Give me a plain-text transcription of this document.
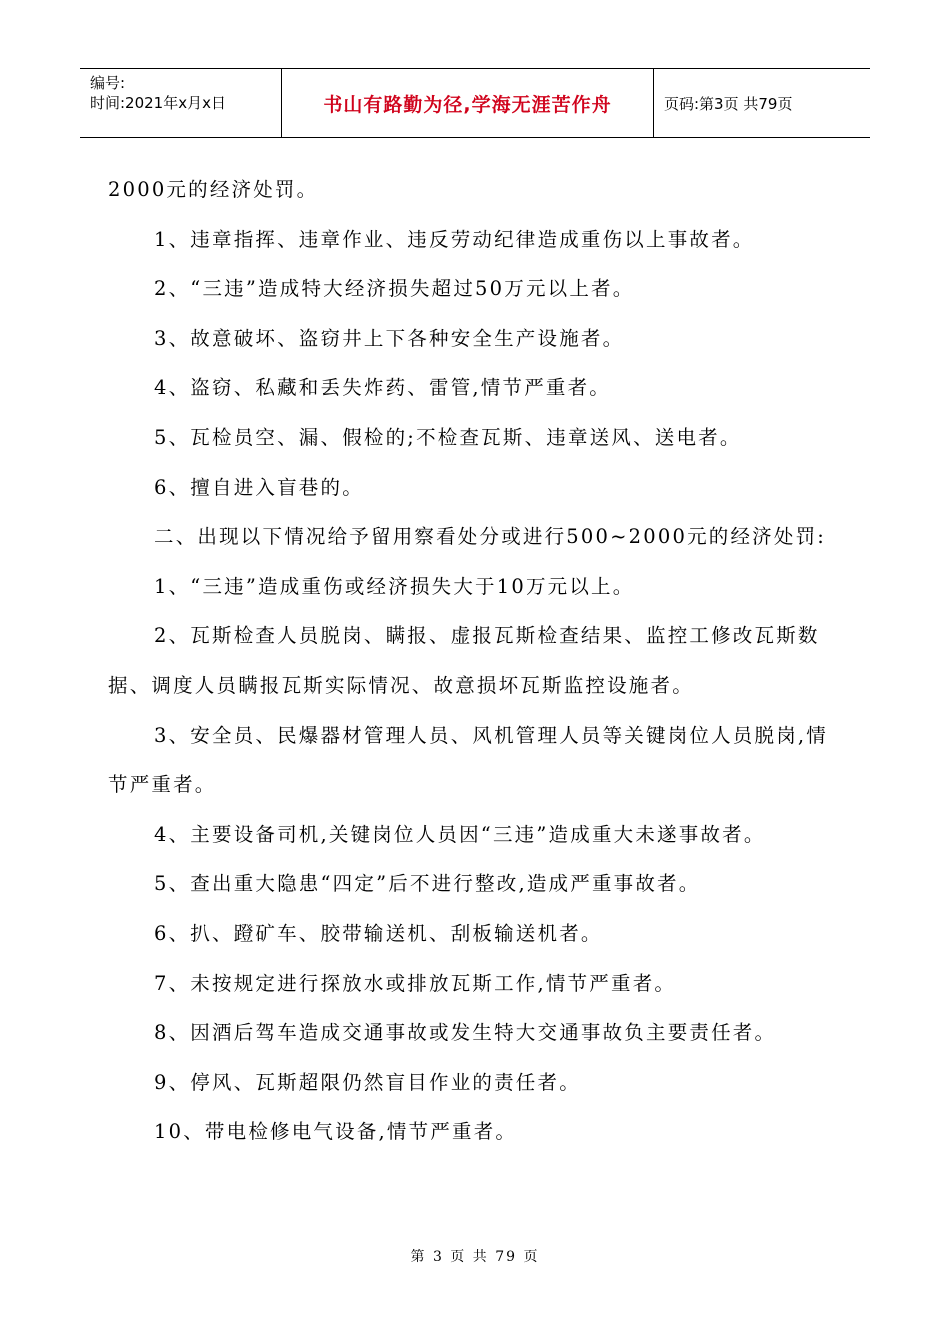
编号:
时间:2021年x月x日	书山有路勤为径,学海无涯苦作舟	页码:第3页 共79页

2000元的经济处罚。

1、违章指挥、违章作业、违反劳动纪律造成重伤以上事故者。

2、“三违”造成特大经济损失超过50万元以上者。

3、故意破坏、盗窃井上下各种安全生产设施者。

4、盗窃、私藏和丢失炸药、雷管,情节严重者。

5、瓦检员空、漏、假检的;不检查瓦斯、违章送风、送电者。

6、擅自进入盲巷的。

二、出现以下情况给予留用察看处分或进行500~2000元的经济处罚:

1、“三违”造成重伤或经济损失大于10万元以上。

2、瓦斯检查人员脱岗、瞒报、虚报瓦斯检查结果、监控工修改瓦斯数据、调度人员瞒报瓦斯实际情况、故意损坏瓦斯监控设施者。

3、安全员、民爆器材管理人员、风机管理人员等关键岗位人员脱岗,情节严重者。

4、主要设备司机,关键岗位人员因“三违”造成重大未遂事故者。

5、查出重大隐患“四定”后不进行整改,造成严重事故者。

6、扒、蹬矿车、胶带输送机、刮板输送机者。

7、未按规定进行探放水或排放瓦斯工作,情节严重者。

8、因酒后驾车造成交通事故或发生特大交通事故负主要责任者。

9、停风、瓦斯超限仍然盲目作业的责任者。

10、带电检修电气设备,情节严重者。

第 3 页 共 79 页
